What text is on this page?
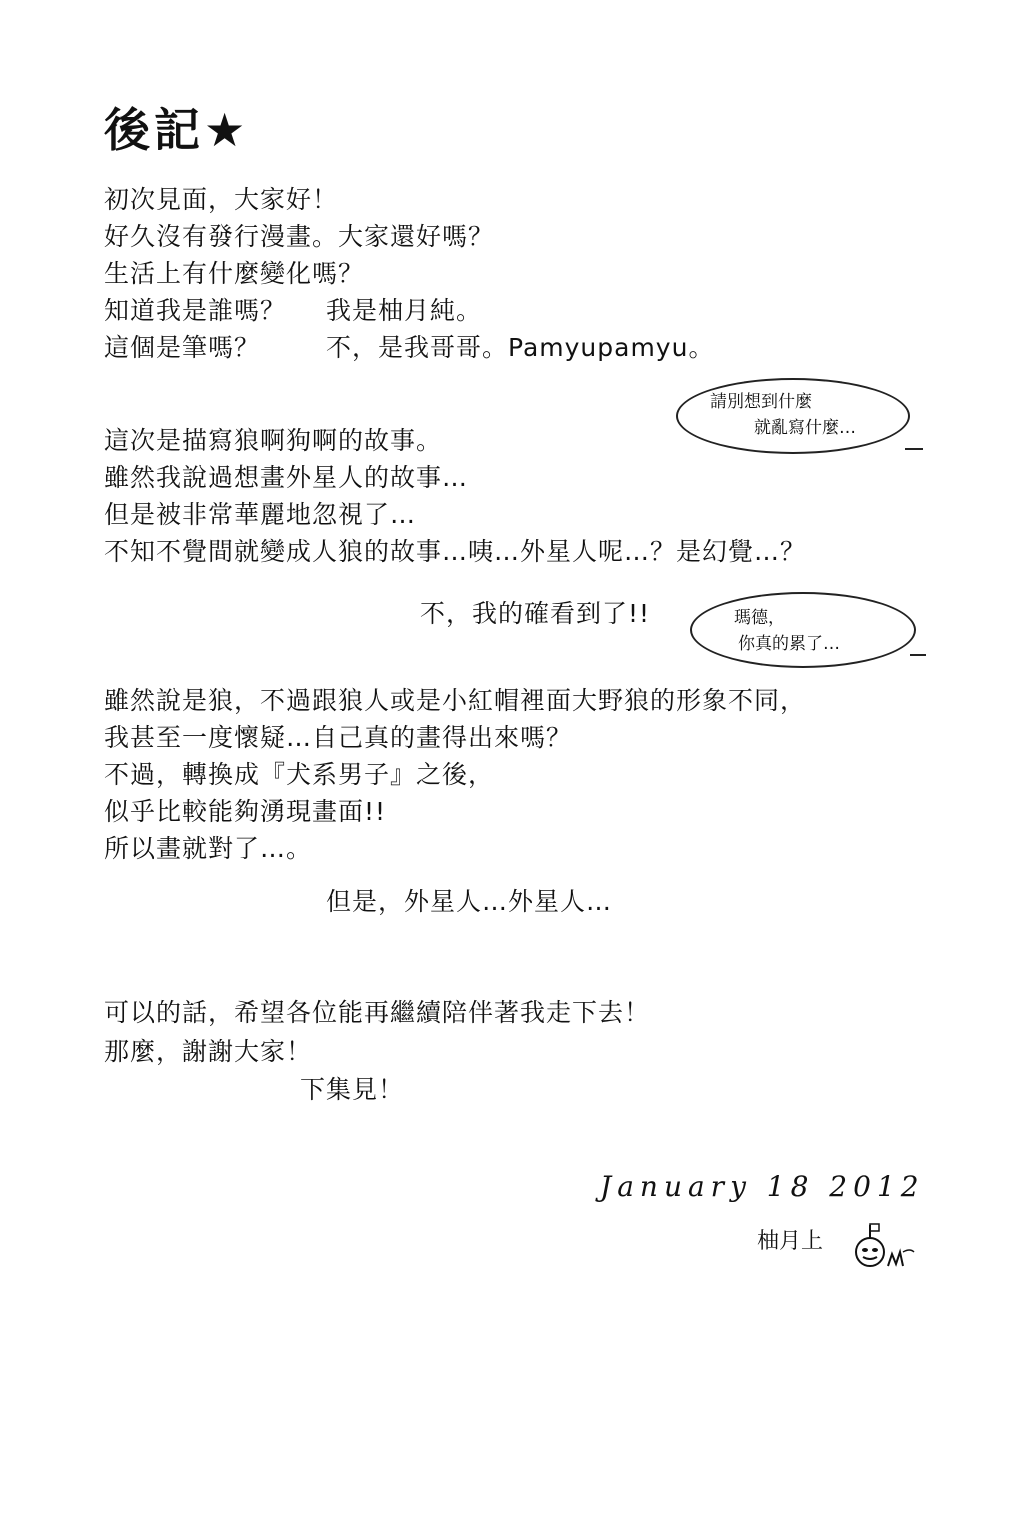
後記★
初次見面，大家好！
好久沒有發行漫畫。大家還好嗎？
生活上有什麼變化嗎？
知道我是誰嗎？ 我是柚月純。
這個是筆嗎？	不，是我哥哥。Pamyupamyu。
請別想到什麼
就亂寫什麼…
這次是描寫狼啊狗啊的故事。
雖然我說過想畫外星人的故事…
但是被非常華麗地忽視了…
不知不覺間就變成人狼的故事…咦…外星人呢…？是幻覺…？
不，我的確看到了!!	瑪德，
你真的累了…
雖然說是狼，不過跟狼人或是小紅帽裡面大野狼的形象不同，
我甚至一度懷疑…自己真的畫得出來嗎？
不過，轉換成『犬系男子』之後，
似乎比較能夠湧現畫面!!
所以畫就對了…。
但是，外星人…外星人…
可以的話，希望各位能再繼續陪伴著我走下去！
那麼，謝謝大家！
下集見！
January 18 2012
柚月上
